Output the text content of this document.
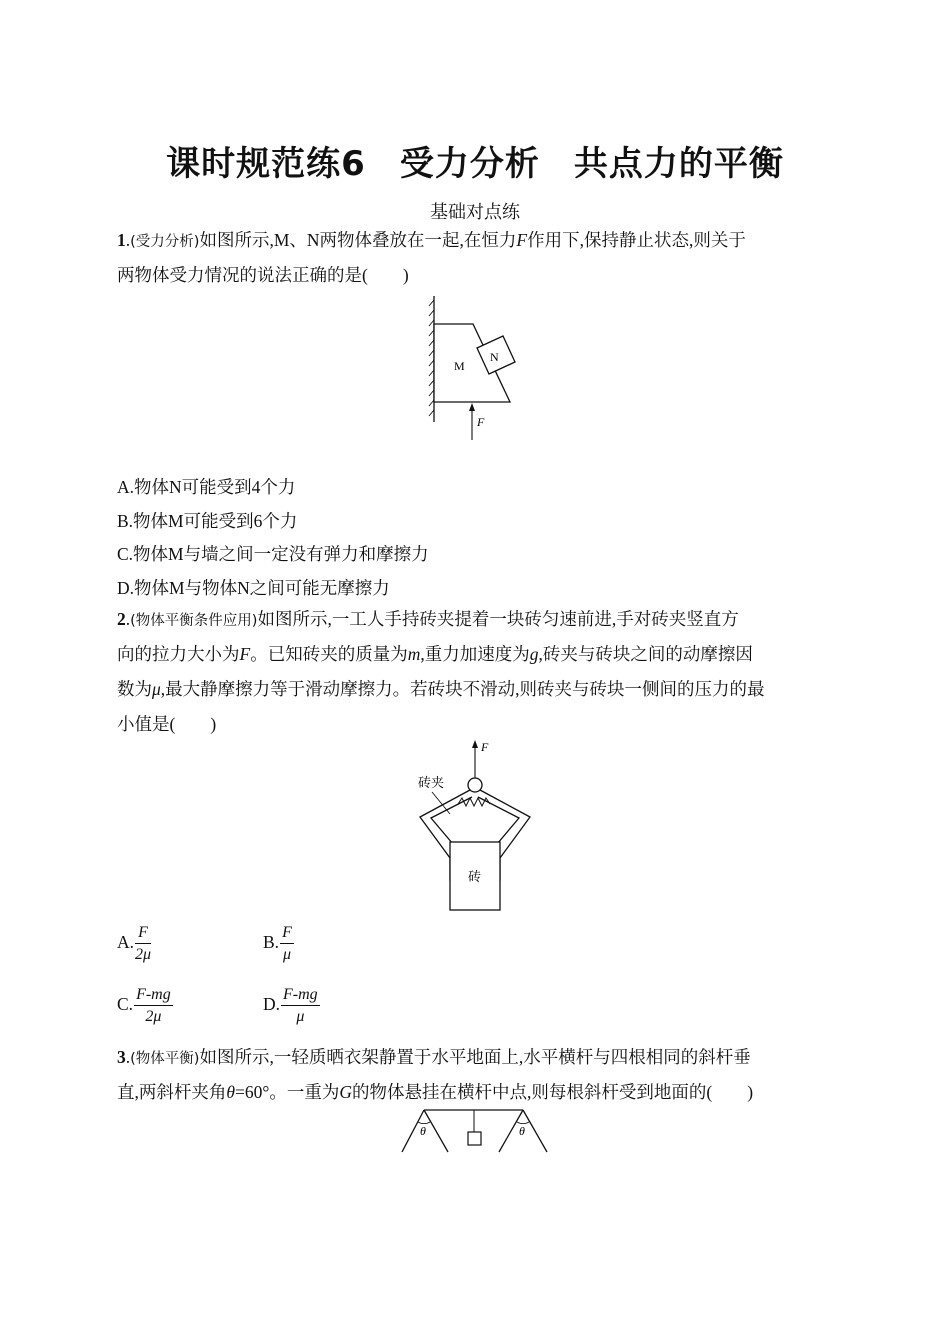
课时规范练6 受力分析 共点力的平衡
基础对点练
1.(受力分析)如图所示,M、N两物体叠放在一起,在恒力F作用下,保持静止状态,则关于
两物体受力情况的说法正确的是(　　)
M
N
F
A.物体N可能受到4个力
B.物体M可能受到6个力
C.物体M与墙之间一定没有弹力和摩擦力
D.物体M与物体N之间可能无摩擦力
2.(物体平衡条件应用)如图所示,一工人手持砖夹提着一块砖匀速前进,手对砖夹竖直方
向的拉力大小为F。已知砖夹的质量为m,重力加速度为g,砖夹与砖块之间的动摩擦因
数为μ,最大静摩擦力等于滑动摩擦力。若砖块不滑动,则砖夹与砖块一侧间的压力的最
小值是(　　)
F
砖夹
砖
A. $\frac{F}{2\mu}$	B. $\frac{F}{\mu}$
C. $\frac{F-mg}{2\mu}$	D. $\frac{F-mg}{\mu}$
3.(物体平衡)如图所示,一轻质晒衣架静置于水平地面上,水平横杆与四根相同的斜杆垂
直,两斜杆夹角θ=60°。一重为G的物体悬挂在横杆中点,则每根斜杆受到地面的(　　)
θ	θ
